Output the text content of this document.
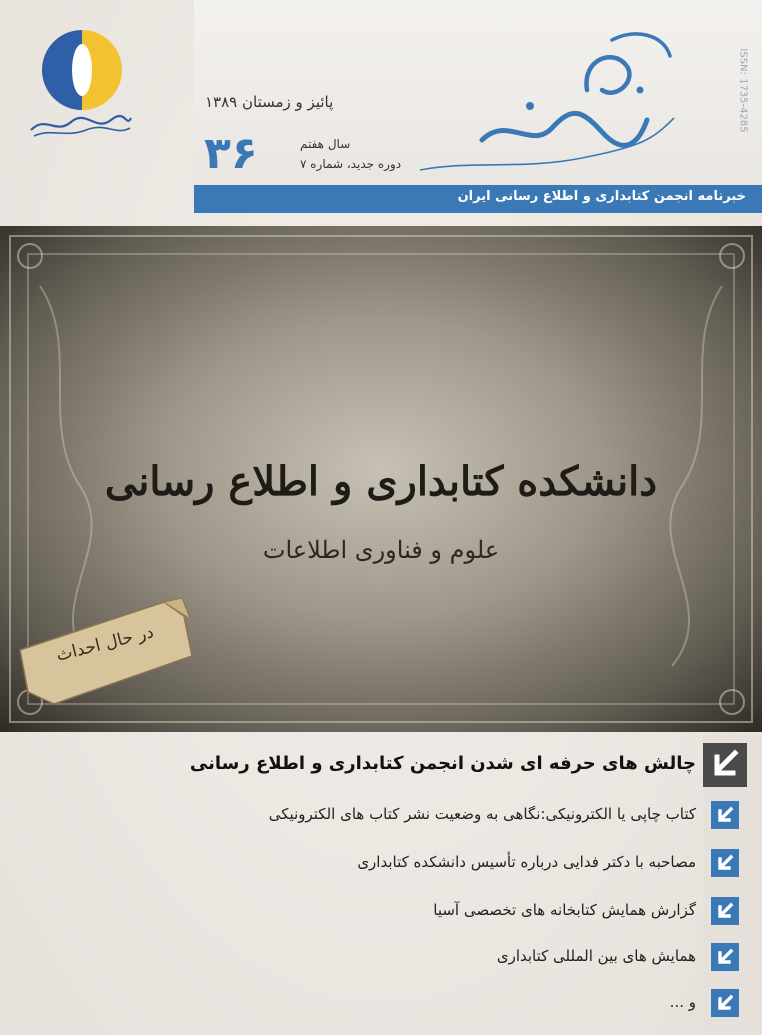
پائیز و زمستان ۱۳۸۹
۳۶	سال هفتم
دوره جدید، شماره ۷
ISSN: 1735-4285
خبرنامه انجمن کتابداری و اطلاع رسانی ایران
دانشکده کتابداری و اطلاع رسانی
علوم و فناوری اطلاعات
در حال احداث
چالش های حرفه ای شدن انجمن کتابداری و اطلاع رسانی
کتاب چاپی یا الکترونیکی:نگاهی به وضعیت نشر کتاب های الکترونیکی
مصاحبه با دکتر فدایی درباره تأسیس دانشکده کتابداری
گزارش همایش کتابخانه های تخصصی آسیا
همایش های بین المللی کتابداری
و ...
